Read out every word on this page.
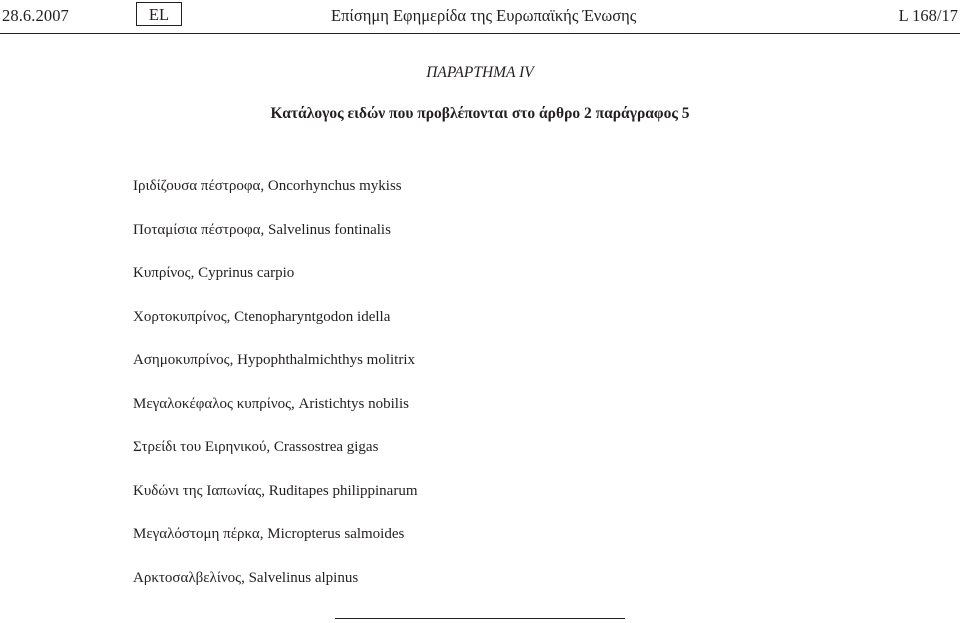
28.6.2007	EL	Επίσημη Εφημερίδα της Ευρωπαϊκής Ένωσης	L 168/17
ΠΑΡΑΡΤΗΜΑ IV
Κατάλογος ειδών που προβλέπονται στο άρθρο 2 παράγραφος 5
Ιριδίζουσα πέστροφα, Oncorhynchus mykiss
Ποταμίσια πέστροφα, Salvelinus fontinalis
Κυπρίνος, Cyprinus carpio
Χορτοκυπρίνος, Ctenopharyntgodon idella
Ασημοκυπρίνος, Hypophthalmichthys molitrix
Μεγαλοκέφαλος κυπρίνος, Aristichtys nobilis
Στρείδι του Ειρηνικού, Crassostrea gigas
Κυδώνι της Ιαπωνίας, Ruditapes philippinarum
Μεγαλόστομη πέρκα, Micropterus salmoides
Αρκτοσαλβελίνος, Salvelinus alpinus
